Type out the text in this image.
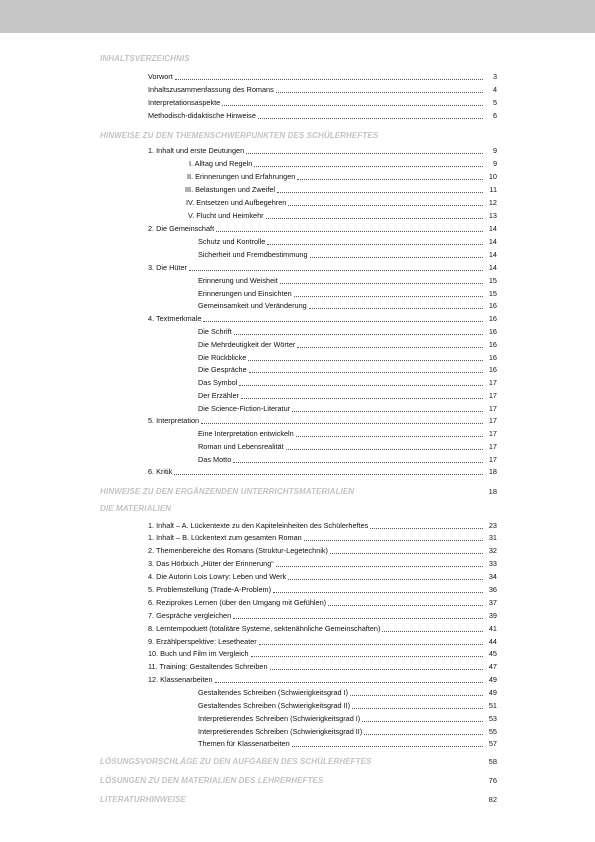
INHALTSVERZEICHNIS
HINWEISE ZU DEN THEMENSCHWERPUNKTEN DES SCHÜLERHEFTES
HINWEISE ZU DEN ERGÄNZENDEN UNTERRICHTSMATERIALIEN	18
DIE MATERIALIEN
LÖSUNGSVORSCHLÄGE ZU DEN AUFGABEN DES SCHÜLERHEFTES	58
LÖSUNGEN ZU DEN MATERIALIEN DES LEHRERHEFTES	76
LITERATURHINWEISE	82
Vorwort	3
Inhaltszusammenfassung des Romans	4
Interpretationsaspekte	5
Methodisch-didaktische Hinweise	6
1. Inhalt und erste Deutungen	9
I. Alltag und Regeln	9
II. Erinnerungen und Erfahrungen	10
III. Belastungen und Zweifel	11
IV. Entsetzen und Aufbegehren	12
V. Flucht und Heimkehr	13
2. Die Gemeinschaft	14
Schutz und Kontrolle	14
Sicherheit und Fremdbestimmung	14
3. Die Hüter	14
Erinnerung und Weisheit	15
Erinnerungen und Einsichten	15
Gemeinsamkeit und Veränderung	16
4. Textmerkmale	16
Die Schrift	16
Die Mehrdeutigkeit der Wörter	16
Die Rückblicke	16
Die Gespräche	16
Das Symbol	17
Der Erzähler	17
Die Science-Fiction-Literatur	17
5. Interpretation	17
Eine Interpretation entwickeln	17
Roman und Lebensrealität	17
Das Motto	17
6. Kritik	18
1. Inhalt – A. Lückentexte zu den Kapiteleinheiten des Schülerheftes	23
1. Inhalt – B. Lückentext zum gesamten Roman	31
2. Themenbereiche des Romans (Struktur-Legetechnik)	32
3. Das Hörbuch „Hüter der Erinnerung“	33
4. Die Autorin Lois Lowry: Leben und Werk	34
5. Problemstellung (Trade-A-Problem)	36
6. Reziprokes Lernen (über den Umgang mit Gefühlen)	37
7. Gespräche vergleichen	39
8. Lerntempoduett (totalitäre Systeme, sektenähnliche Gemeinschaften)	41
9. Erzählperspektive: Lesetheater	44
10. Buch und Film im Vergleich	45
11. Training: Gestaltendes Schreiben	47
12. Klassenarbeiten	49
Gestaltendes Schreiben (Schwierigkeitsgrad I)	49
Gestaltendes Schreiben (Schwierigkeitsgrad II)	51
Interpretierendes Schreiben (Schwierigkeitsgrad I)	53
Interpretierendes Schreiben (Schwierigkeitsgrad II)	55
Themen für Klassenarbeiten	57
